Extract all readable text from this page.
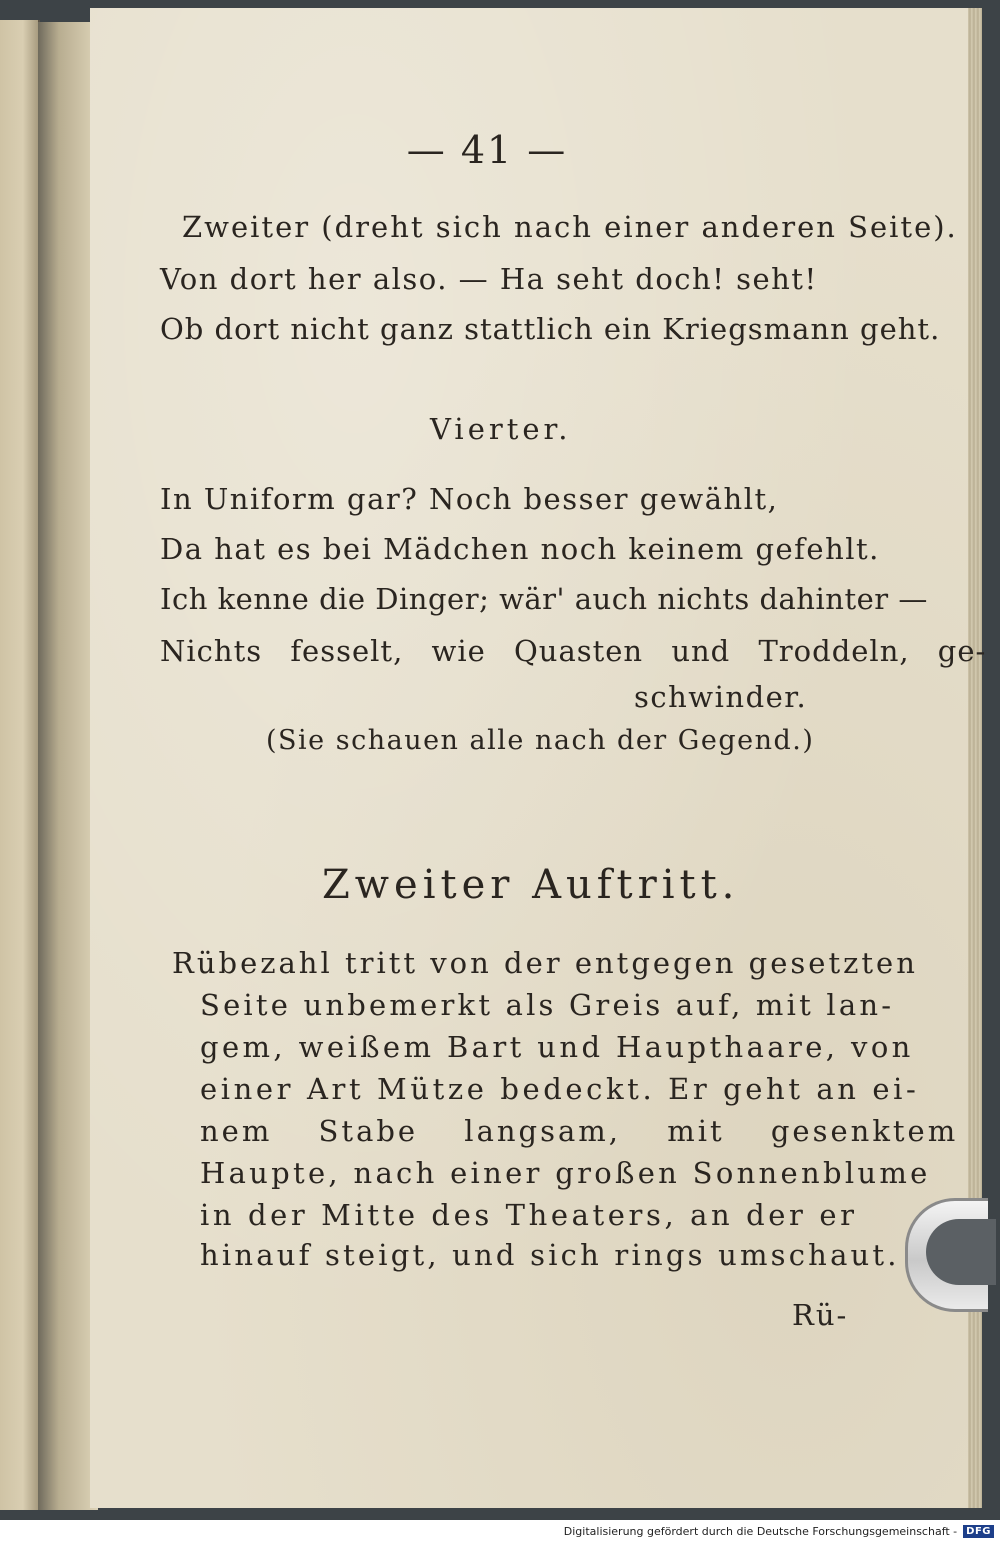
— 41 —
Zweiter (dreht sich nach einer anderen Seite).
Von dort her also. — Ha seht doch! seht!
Ob dort nicht ganz stattlich ein Kriegsmann geht.
Vierter.
In Uniform gar? Noch besser gewählt,
Da hat es bei Mädchen noch keinem gefehlt.
Ich kenne die Dinger; wär' auch nichts dahinter —
Nichts fesselt, wie Quasten und Troddeln, ge-
schwinder.
(Sie schauen alle nach der Gegend.)
Zweiter Auftritt.
Rübezahl tritt von der entgegen gesetzten
Seite unbemerkt als Greis auf, mit lan-
gem, weißem Bart und Haupthaare, von
einer Art Mütze bedeckt. Er geht an ei-
nem Stabe langsam, mit gesenktem
Haupte, nach einer großen Sonnenblume
in der Mitte des Theaters, an der er
hinauf steigt, und sich rings umschaut.
Rü-
Digitalisierung gefördert durch die Deutsche Forschungsgemeinschaft - DFG
